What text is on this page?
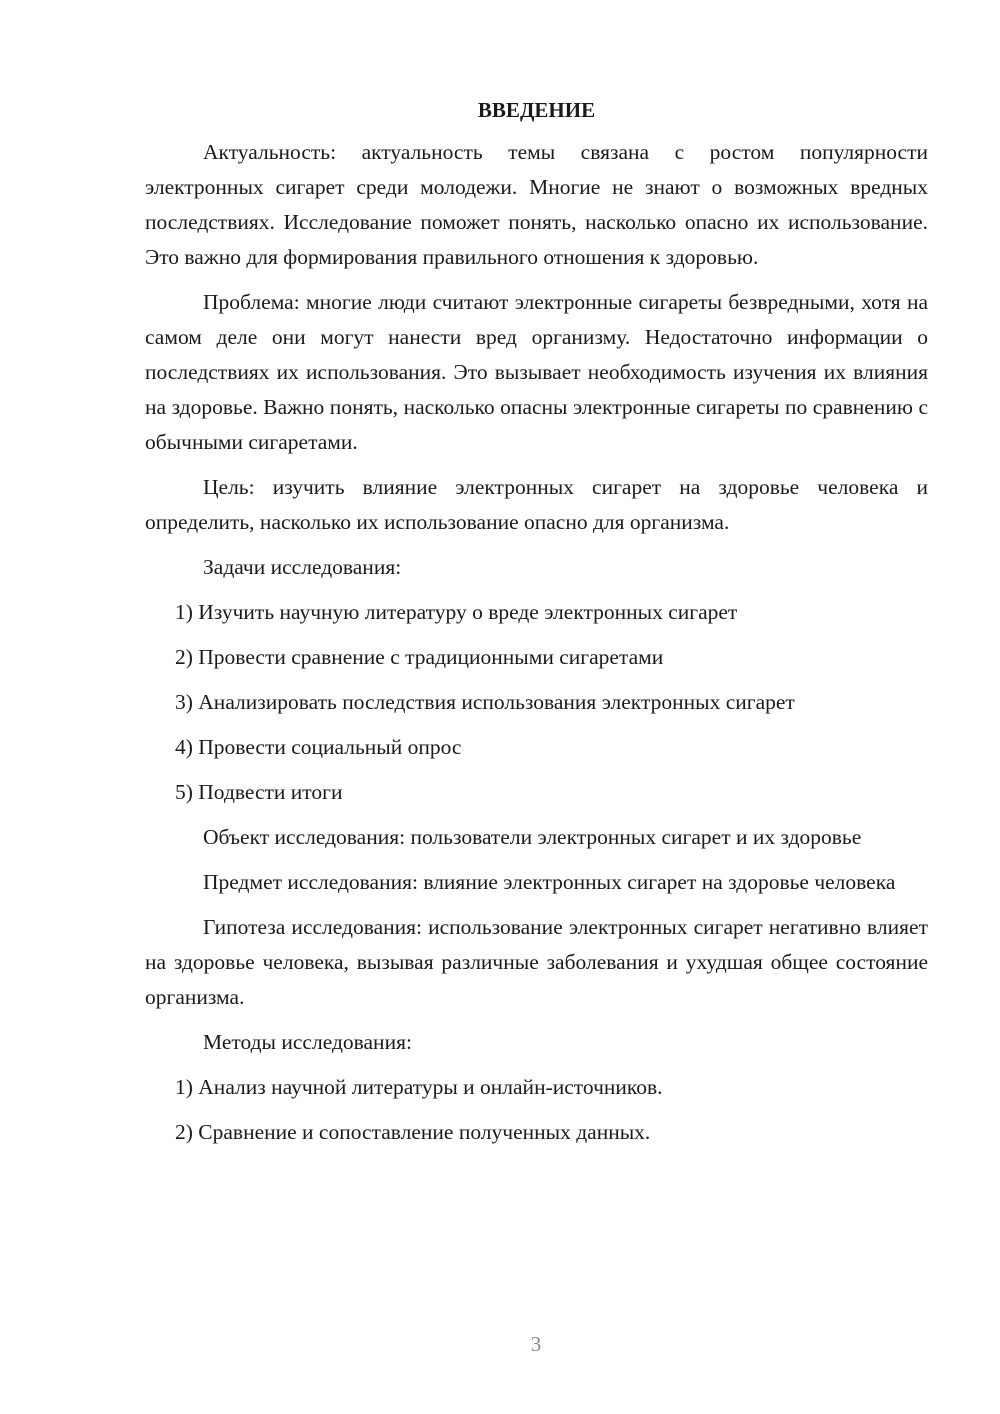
ВВЕДЕНИЕ

Актуальность: актуальность темы связана с ростом популярности электронных сигарет среди молодежи. Многие не знают о возможных вредных последствиях. Исследование поможет понять, насколько опасно их использование. Это важно для формирования правильного отношения к здоровью.

Проблема: многие люди считают электронные сигареты безвредными, хотя на самом деле они могут нанести вред организму. Недостаточно информации о последствиях их использования. Это вызывает необходимость изучения их влияния на здоровье. Важно понять, насколько опасны электронные сигареты по сравнению с обычными сигаретами.

Цель: изучить влияние электронных сигарет на здоровье человека и определить, насколько их использование опасно для организма.

Задачи исследования:

1) Изучить научную литературу о вреде электронных сигарет
2) Провести сравнение с традиционными сигаретами
3) Анализировать последствия использования электронных сигарет
4) Провести социальный опрос
5) Подвести итоги

Объект исследования: пользователи электронных сигарет и их здоровье

Предмет исследования: влияние электронных сигарет на здоровье человека

Гипотеза исследования: использование электронных сигарет негативно влияет на здоровье человека, вызывая различные заболевания и ухудшая общее состояние организма.

Методы исследования:

1) Анализ научной литературы и онлайн-источников.
2) Сравнение и сопоставление полученных данных.
3
